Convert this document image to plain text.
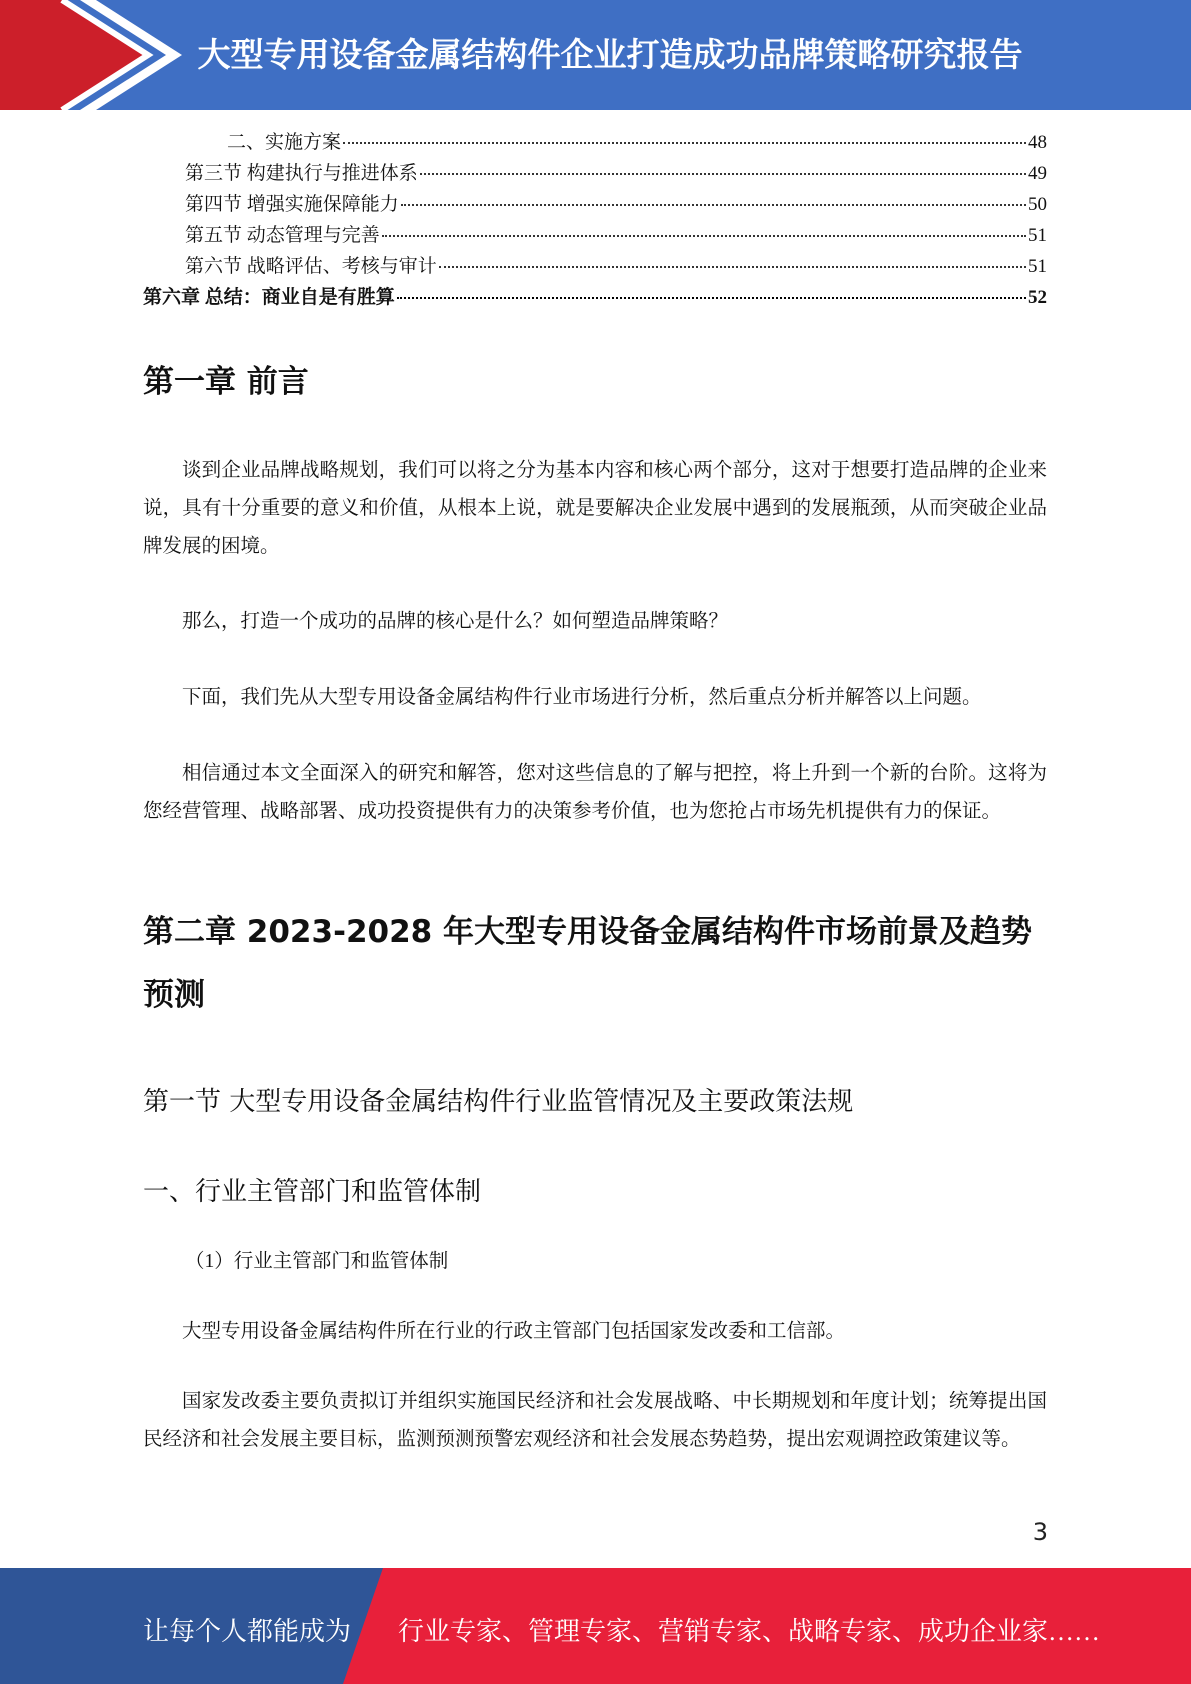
大型专用设备金属结构件企业打造成功品牌策略研究报告
二、实施方案	48
第三节 构建执行与推进体系	49
第四节 增强实施保障能力	50
第五节 动态管理与完善	51
第六节 战略评估、考核与审计	51
第六章 总结：商业自是有胜算	52
第一章 前言

谈到企业品牌战略规划，我们可以将之分为基本内容和核心两个部分，这对于想要打造品牌的企业来说，具有十分重要的意义和价值，从根本上说，就是要解决企业发展中遇到的发展瓶颈，从而突破企业品牌发展的困境。

那么，打造一个成功的品牌的核心是什么？如何塑造品牌策略？

下面，我们先从大型专用设备金属结构件行业市场进行分析，然后重点分析并解答以上问题。

相信通过本文全面深入的研究和解答，您对这些信息的了解与把控，将上升到一个新的台阶。这将为您经营管理、战略部署、成功投资提供有力的决策参考价值，也为您抢占市场先机提供有力的保证。

第二章 2023-2028 年大型专用设备金属结构件市场前景及趋势
预测
第一节 大型专用设备金属结构件行业监管情况及主要政策法规
一、行业主管部门和监管体制

（1）行业主管部门和监管体制

大型专用设备金属结构件所在行业的行政主管部门包括国家发改委和工信部。

国家发改委主要负责拟订并组织实施国民经济和社会发展战略、中长期规划和年度计划；统筹提出国民经济和社会发展主要目标，监测预测预警宏观经济和社会发展态势趋势，提出宏观调控政策建议等。

3
让每个人都能成为 行业专家、管理专家、营销专家、战略专家、成功企业家……
